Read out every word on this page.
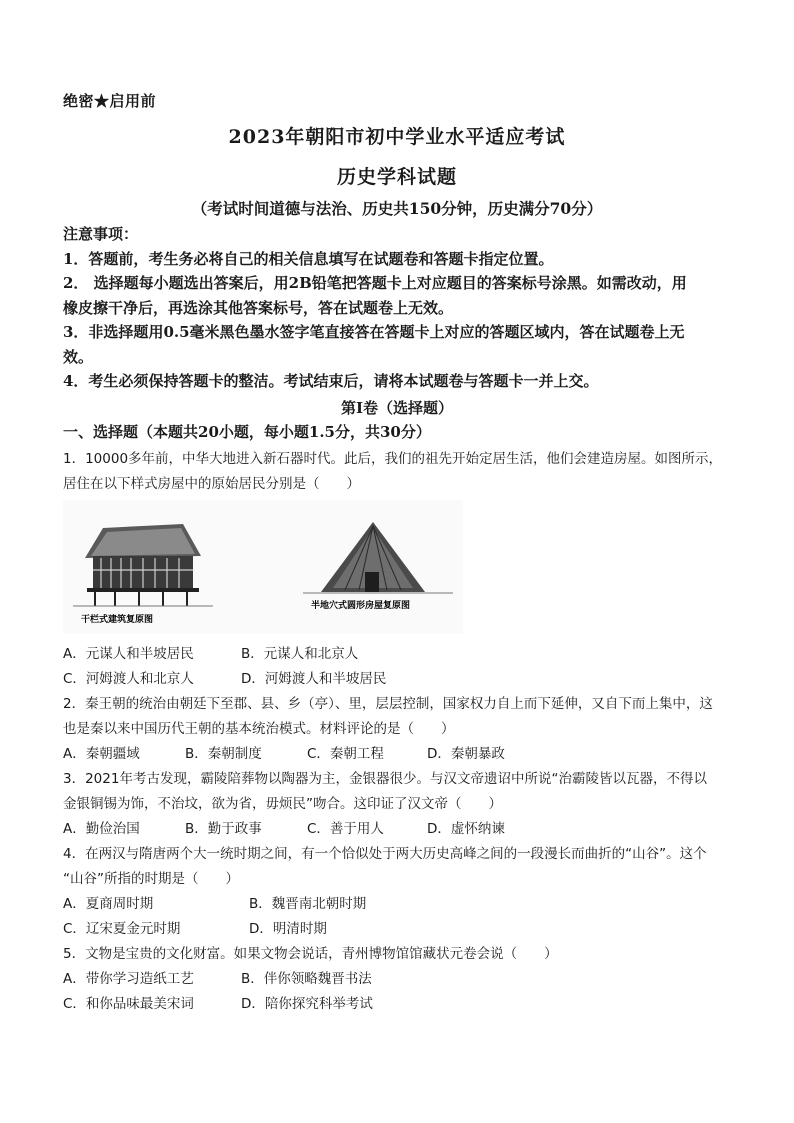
绝密★启用前
2023年朝阳市初中学业水平适应考试
历史学科试题
（考试时间道德与法治、历史共150分钟，历史满分70分）

注意事项：

1．答题前，考生务必将自己的相关信息填写在试题卷和答题卡指定位置。

2． 选择题每小题选出答案后，用2B铅笔把答题卡上对应题目的答案标号涂黑。如需改动，用

橡皮擦干净后，再选涂其他答案标号，答在试题卷上无效。

3．非选择题用0.5毫米黑色墨水签字笔直接答在答题卡上对应的答题区域内，答在试题卷上无

效。

4．考生必须保持答题卡的整洁。考试结束后，请将本试题卷与答题卡一并上交。

第Ⅰ卷（选择题）
一、选择题（本题共20小题，每小题1.5分，共30分）

1．10000多年前，中华大地进入新石器时代。此后，我们的祖先开始定居生活，他们会建造房屋。如图所示，

居住在以下样式房屋中的原始居民分别是（　　）

干栏式建筑复原图
半地穴式圆形房屋复原图
A．元谋人和半坡居民	B．元谋人和北京人
C．河姆渡人和北京人	D．河姆渡人和半坡居民

2．秦王朝的统治由朝廷下至郡、县、乡（亭）、里，层层控制，国家权力自上而下延伸，又自下而上集中，这

也是秦以来中国历代王朝的基本统治模式。材料评论的是（　　）

A．秦朝疆域	B．秦朝制度	C．秦朝工程	D．秦朝暴政

3．2021年考古发现，霸陵陪葬物以陶器为主，金银器很少。与汉文帝遗诏中所说“治霸陵皆以瓦器，不得以

金银铜锡为饰，不治坟，欲为省，毋烦民”吻合。这印证了汉文帝（　　）

A．勤俭治国	B．勤于政事	C．善于用人	D．虚怀纳谏

4．在两汉与隋唐两个大一统时期之间，有一个恰似处于两大历史高峰之间的一段漫长而曲折的“山谷”。这个

“山谷”所指的时期是（　　）

A．夏商周时期	B．魏晋南北朝时期
C．辽宋夏金元时期	D．明清时期

5．文物是宝贵的文化财富。如果文物会说话，青州博物馆馆藏状元卷会说（　　）

A．带你学习造纸工艺	B．伴你领略魏晋书法
C．和你品味最美宋词	D．陪你探究科举考试
